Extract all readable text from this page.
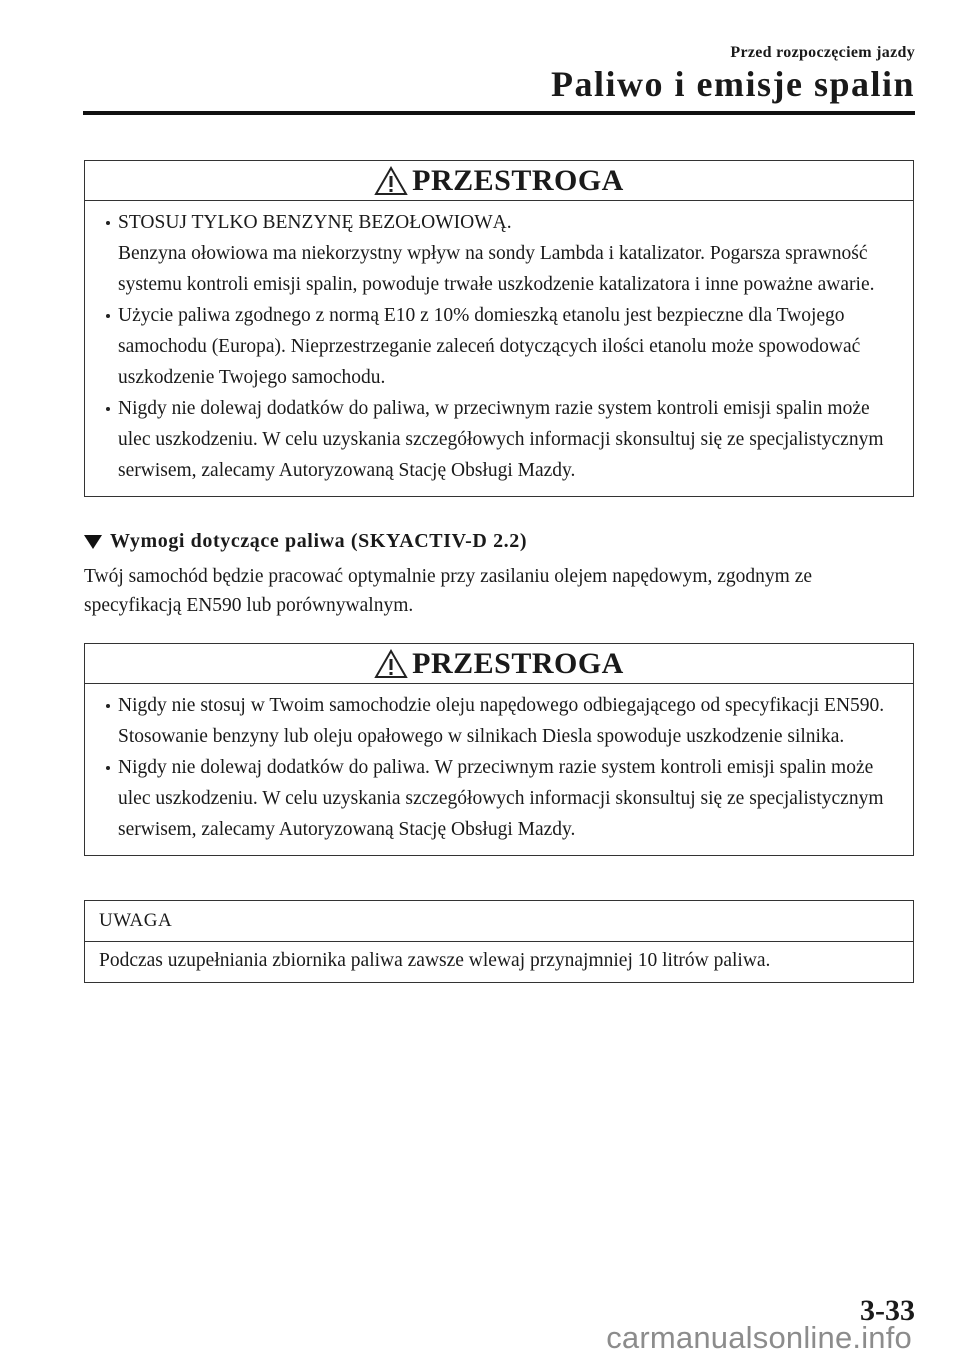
Przed rozpoczęciem jazdy
Paliwo i emisje spalin
PRZESTROGA
STOSUJ TYLKO BENZYNĘ BEZOŁOWIOWĄ.
Benzyna ołowiowa ma niekorzystny wpływ na sondy Lambda i katalizator. Pogarsza sprawność systemu kontroli emisji spalin, powoduje trwałe uszkodzenie katalizatora i inne poważne awarie.
Użycie paliwa zgodnego z normą E10 z 10% domieszką etanolu jest bezpieczne dla Twojego samochodu (Europa). Nieprzestrzeganie zaleceń dotyczących ilości etanolu może spowodować uszkodzenie Twojego samochodu.
Nigdy nie dolewaj dodatków do paliwa, w przeciwnym razie system kontroli emisji spalin może ulec uszkodzeniu. W celu uzyskania szczegółowych informacji skonsultuj się ze specjalistycznym serwisem, zalecamy Autoryzowaną Stację Obsługi Mazdy.
Wymogi dotyczące paliwa (SKYACTIV-D 2.2)
Twój samochód będzie pracować optymalnie przy zasilaniu olejem napędowym, zgodnym ze specyfikacją EN590 lub porównywalnym.
PRZESTROGA
Nigdy nie stosuj w Twoim samochodzie oleju napędowego odbiegającego od specyfikacji EN590. Stosowanie benzyny lub oleju opałowego w silnikach Diesla spowoduje uszkodzenie silnika.
Nigdy nie dolewaj dodatków do paliwa. W przeciwnym razie system kontroli emisji spalin może ulec uszkodzeniu. W celu uzyskania szczegółowych informacji skonsultuj się ze specjalistycznym serwisem, zalecamy Autoryzowaną Stację Obsługi Mazdy.
UWAGA
Podczas uzupełniania zbiornika paliwa zawsze wlewaj przynajmniej 10 litrów paliwa.
3-33
carmanualsonline.info
